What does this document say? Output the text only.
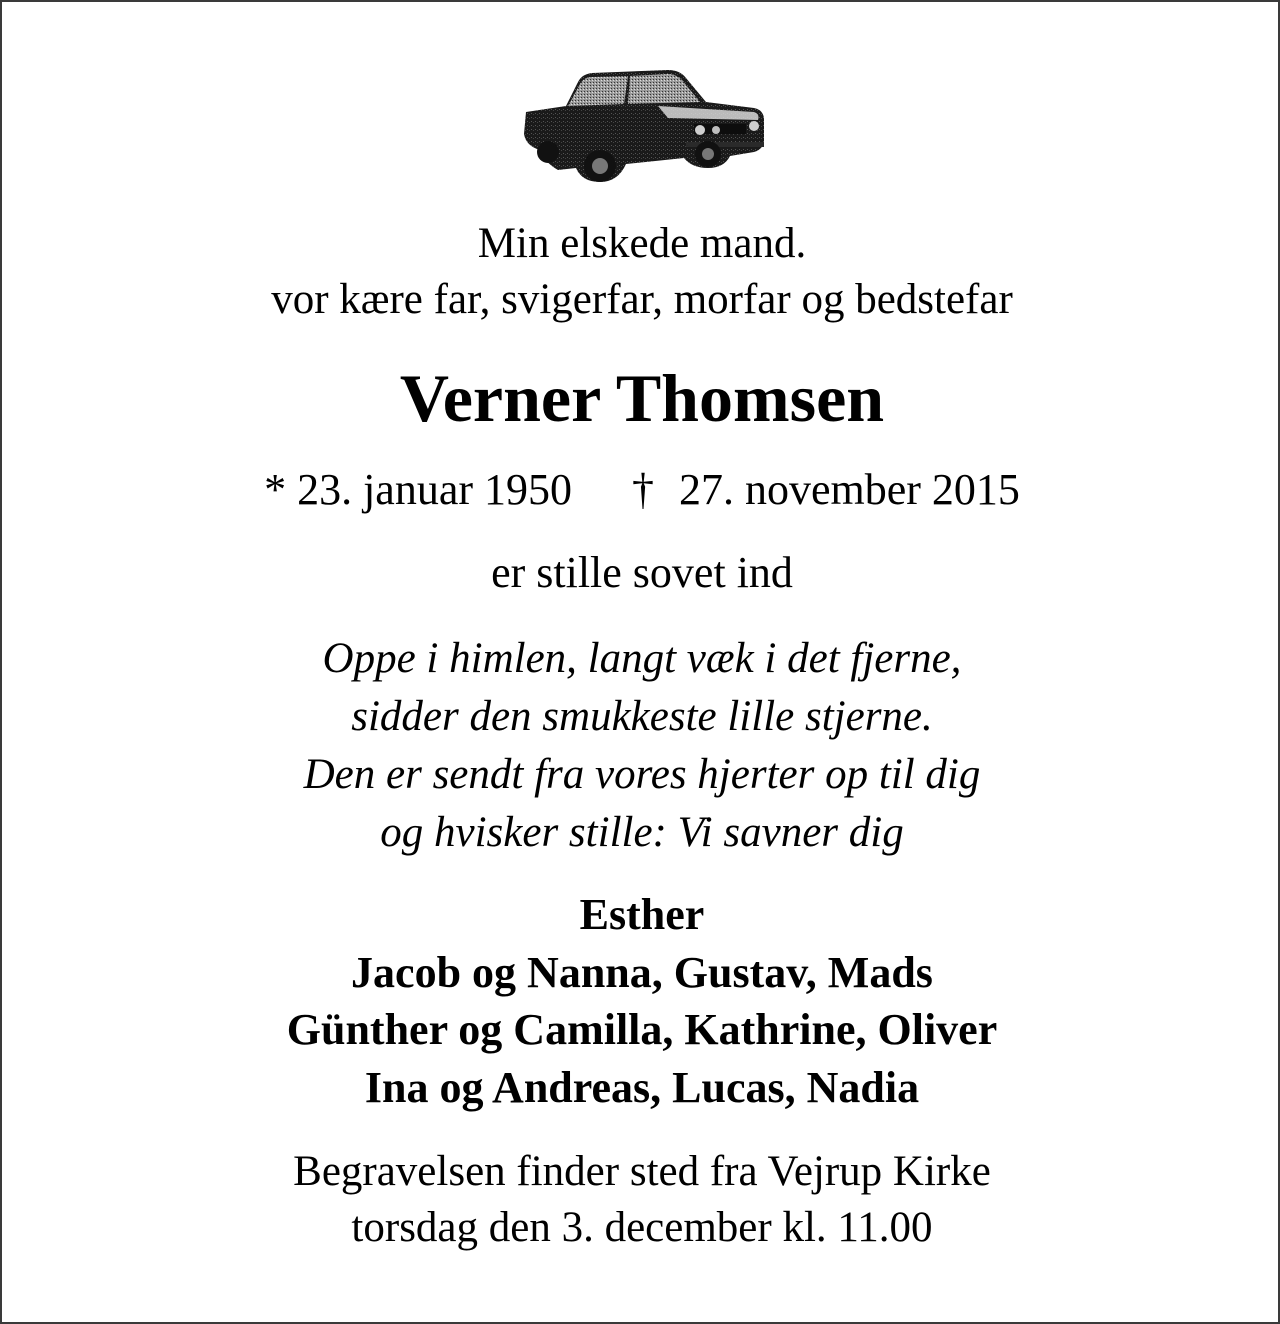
Min elskede mand.
vor kære far, svigerfar, morfar og bedstefar
Verner Thomsen
* 23. januar 1950 † 27. november 2015
er stille sovet ind
Oppe i himlen, langt væk i det fjerne,
sidder den smukkeste lille stjerne.
Den er sendt fra vores hjerter op til dig
og hvisker stille: Vi savner dig
Esther
Jacob og Nanna, Gustav, Mads
Günther og Camilla, Kathrine, Oliver
Ina og Andreas, Lucas, Nadia
Begravelsen finder sted fra Vejrup Kirke
torsdag den 3. december kl. 11.00
